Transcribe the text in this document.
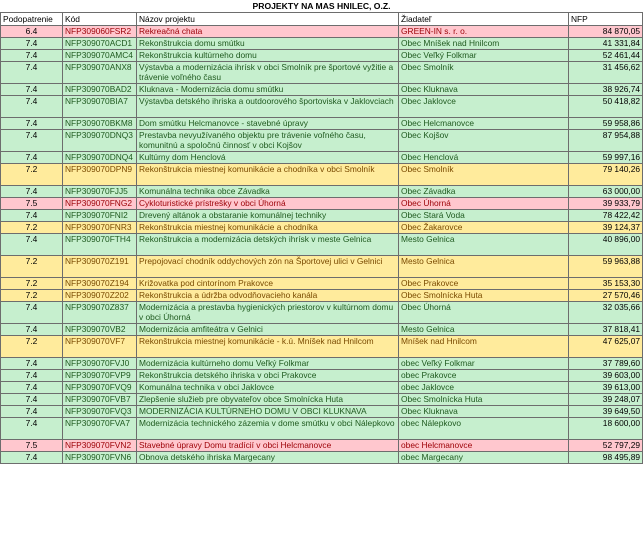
PROJEKTY NA MAS HNILEC, O.Z.				
Podopatrenie	Kód	Názov projektu	Žiadateľ	NFP
6.4	NFP309060FSR2	Rekreačná chata	GREEN-IN s. r. o.	84 870,05
7.4	NFP309070ACD1	Rekonštrukcia domu smútku	Obec Mníšek nad Hnilcom	41 331,84
7.4	NFP309070AMC4	Rekonštrukcia kultúrneho domu	Obec Veľký Folkmar	52 461,44
7.4	NFP309070ANX8	Výstavba a modernizácia ihrísk v obci Smolník pre športové vyžitie a trávenie voľného času	Obec Smolník	31 456,62
7.4	NFP309070BAD2	Kluknava - Modernizácia domu smútku	Obec Kluknava	38 926,74
7.4	NFP309070BIA7	Výstavba detského ihriska a outdoorového športoviska v Jaklovciach	Obec Jaklovce	50 418,82
7.4	NFP309070BKM8	Dom smútku Helcmanovce - stavebné úpravy	Obec Helcmanovce	59 958,86
7.4	NFP309070DNQ3	Prestavba nevyužívaného objektu pre trávenie voľného času, komunitnú a spoločnú činnosť v obci Kojšov	Obec Kojšov	87 954,88
7.4	NFP309070DNQ4	Kultúrny dom Henclová	Obec Henclová	59 997,16
7.2	NFP309070DPN9	Rekonštrukcia miestnej komunikácie a chodníka v obci Smolník	Obec Smolník	79 140,26
7.4	NFP309070FJJ5	Komunálna technika obce Závadka	Obec Závadka	63 000,00
7.5	NFP309070FNG2	Cykloturistické prístrešky v obci Úhorná	Obec Úhorná	39 933,79
7.4	NFP309070FNI2	Drevený altánok a obstaranie komunálnej techniky	Obec Stará Voda	78 422,42
7.2	NFP309070FNR3	Rekonštrukcia miestnej komunikácie a chodníka	Obec Žakarovce	39 124,37
7.4	NFP309070FTH4	Rekonštrukcia a modernizácia detských ihrísk v meste Gelnica	Mesto Gelnica	40 896,00
7.2	NFP309070Z191	Prepojovací chodník oddychových zón na Športovej ulici v Gelnici	Mesto Gelnica	59 963,88
7.2	NFP309070Z194	Križovatka pod cintorínom Prakovce	Obec Prakovce	35 153,30
7.2	NFP309070Z202	Rekonštrukcia a údržba odvodňovacieho kanála	Obec Smolnícka Huta	27 570,46
7.4	NFP309070Z837	Modernizácia a prestavba hygienických priestorov v kultúrnom domu v obci Úhorná	Obec Úhorná	32 035,66
7.4	NFP309070VB2	Modernizácia amfiteátra v Gelnici	Mesto Gelnica	37 818,41
7.2	NFP309070VF7	Rekonštrukcia miestnej komunikácie - k.ú. Mníšek nad Hnilcom	Mníšek nad Hnilcom	47 625,07
7.4	NFP309070FVJ0	Modernizácia kultúrneho domu Veľký Folkmar	obec Veľký Folkmar	37 789,60
7.4	NFP309070FVP9	Rekonštrukcia detského ihriska v obci Prakovce	obec Prakovce	39 603,00
7.4	NFP309070FVQ9	Komunálna technika v obci Jaklovce	obec Jaklovce	39 613,00
7.4	NFP309070FVB7	Zlepšenie služieb pre obyvateľov obce Smolnícka Huta	Obec Smolnícka Huta	39 248,07
7.4	NFP309070FVQ3	MODERNIZÁCIA KULTÚRNEHO DOMU V OBCI KLUKNAVA	Obec Kluknava	39 649,50
7.4	NFP309070FVA7	Modernizácia technického zázemia v dome smútku v obci Nálepkovo	obec Nálepkovo	18 600,00
7.5	NFP309070FVN2	Stavebné úpravy Domu tradícií v obci Helcmanovce	obec Helcmanovce	52 797,29
7.4	NFP309070FVN6	Obnova detského ihriska Margecany	obec Margecany	98 495,89
